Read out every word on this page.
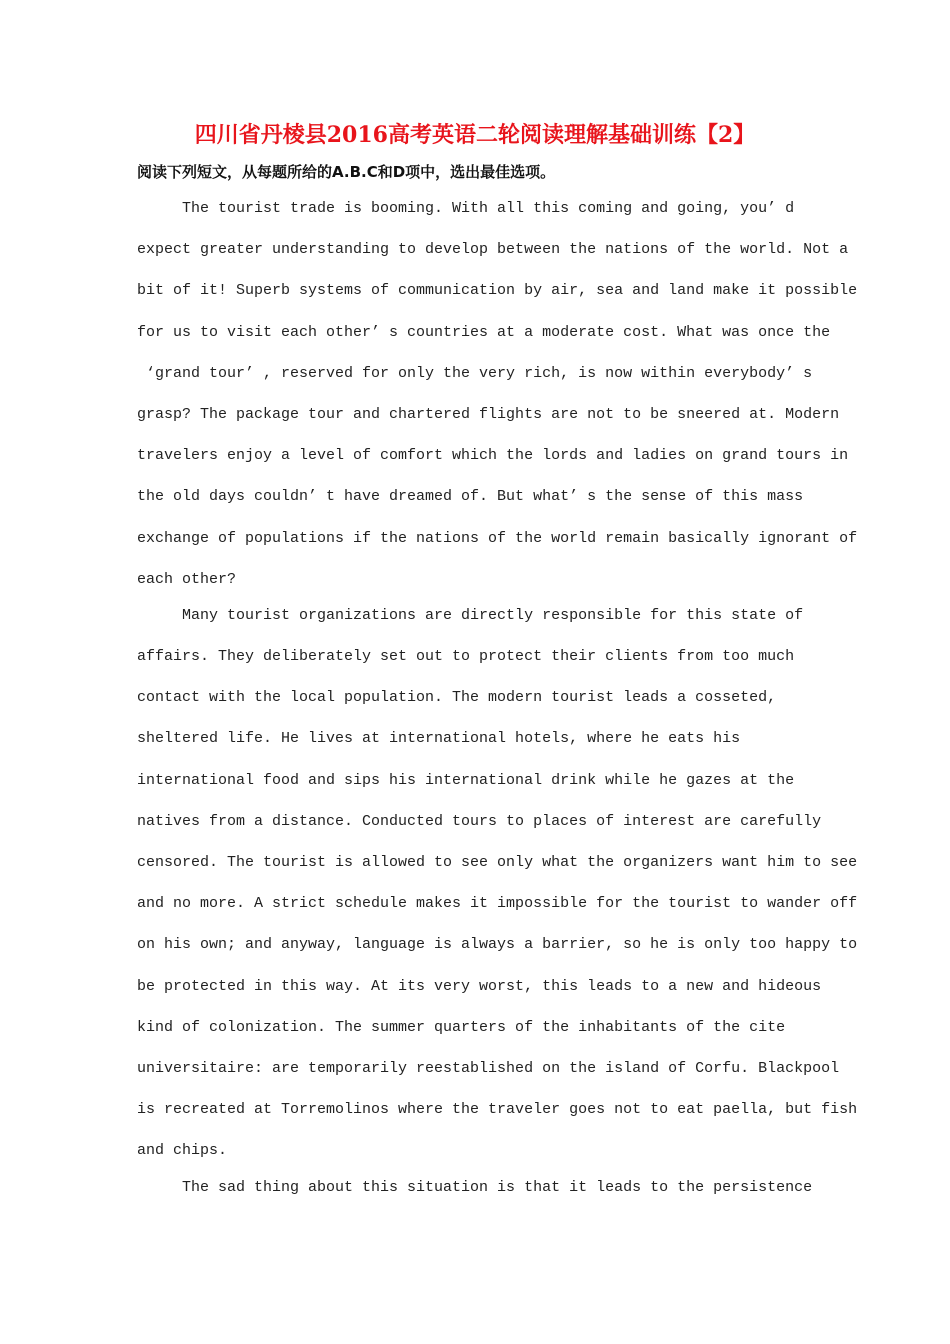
四川省丹棱县2016高考英语二轮阅读理解基础训练【2】
阅读下列短文，从每题所给的A.B.C和D项中，选出最佳选项。
The tourist trade is booming. With all this coming and going, you’ d
expect greater understanding to develop between the nations of the world. Not a
bit of it! Superb systems of communication by air, sea and land make it possible
for us to visit each other’ s countries at a moderate cost. What was once the
‘grand tour’ , reserved for only the very rich, is now within everybody’ s
grasp? The package tour and chartered flights are not to be sneered at. Modern
travelers enjoy a level of comfort which the lords and ladies on grand tours in
the old days couldn’ t have dreamed of. But what’ s the sense of this mass
exchange of populations if the nations of the world remain basically ignorant of
each other?
Many tourist organizations are directly responsible for this state of
affairs. They deliberately set out to protect their clients from too much
contact with the local population. The modern tourist leads a cosseted,
sheltered life. He lives at international hotels, where he eats his
international food and sips his international drink while he gazes at the
natives from a distance. Conducted tours to places of interest are carefully
censored. The tourist is allowed to see only what the organizers want him to see
and no more. A strict schedule makes it impossible for the tourist to wander off
on his own; and anyway, language is always a barrier, so he is only too happy to
be protected in this way. At its very worst, this leads to a new and hideous
kind of colonization. The summer quarters of the inhabitants of the cite
universitaire: are temporarily reestablished on the island of Corfu. Blackpool
is recreated at Torremolinos where the traveler goes not to eat paella, but fish
and chips.
The sad thing about this situation is that it leads to the persistence
